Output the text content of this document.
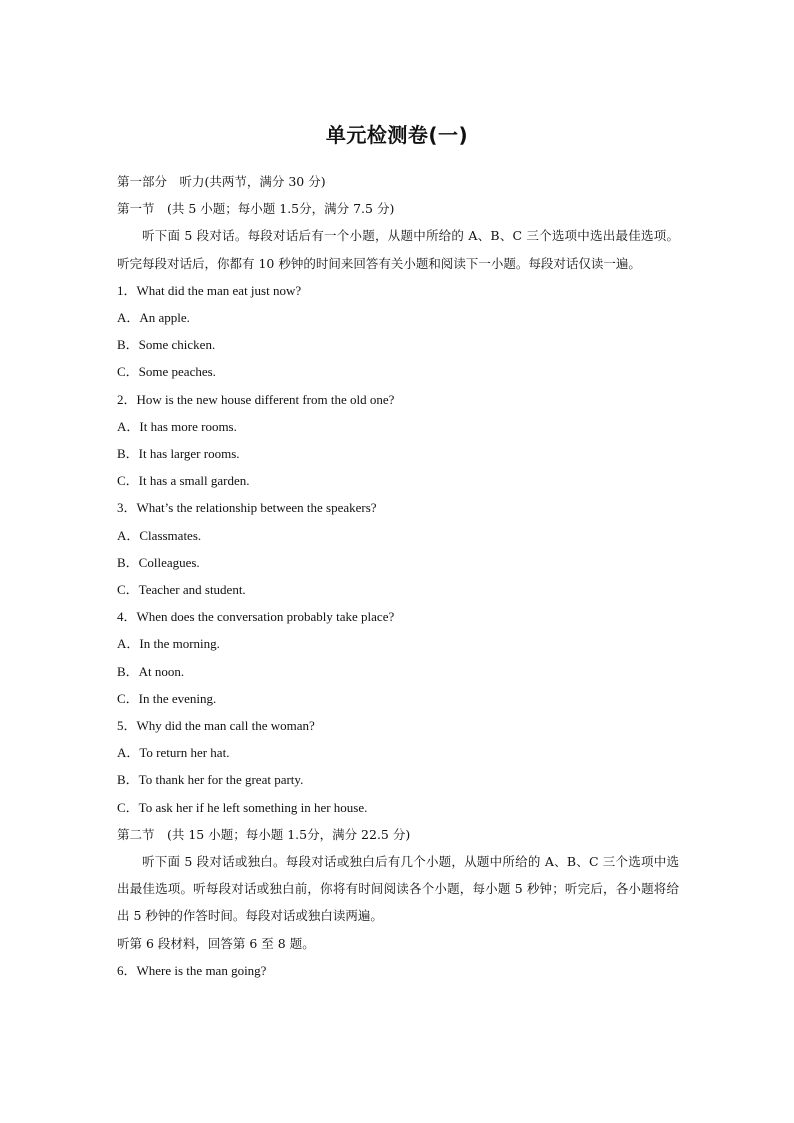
单元检测卷(一)
第一部分　听力(共两节，满分 30 分)
第一节　(共 5 小题；每小题 1.5分，满分 7.5 分)
听下面 5 段对话。每段对话后有一个小题，从题中所给的 A、B、C 三个选项中选出最佳选项。听完每段对话后，你都有 10 秒钟的时间来回答有关小题和阅读下一小题。每段对话仅读一遍。
1．What did the man eat just now?
A．An apple.
B．Some chicken.
C．Some peaches.
2．How is the new house different from the old one?
A．It has more rooms.
B．It has larger rooms.
C．It has a small garden.
3．What’s the relationship between the speakers?
A．Classmates.
B．Colleagues.
C．Teacher and student.
4．When does the conversation probably take place?
A．In the morning.
B．At noon.
C．In the evening.
5．Why did the man call the woman?
A．To return her hat.
B．To thank her for the great party.
C．To ask her if he left something in her house.
第二节　(共 15 小题；每小题 1.5分，满分 22.5 分)
听下面 5 段对话或独白。每段对话或独白后有几个小题，从题中所给的 A、B、C 三个选项中选出最佳选项。听每段对话或独白前，你将有时间阅读各个小题，每小题 5 秒钟；听完后，各小题将给出 5 秒钟的作答时间。每段对话或独白读两遍。
听第 6 段材料，回答第 6 至 8 题。
6．Where is the man going?
